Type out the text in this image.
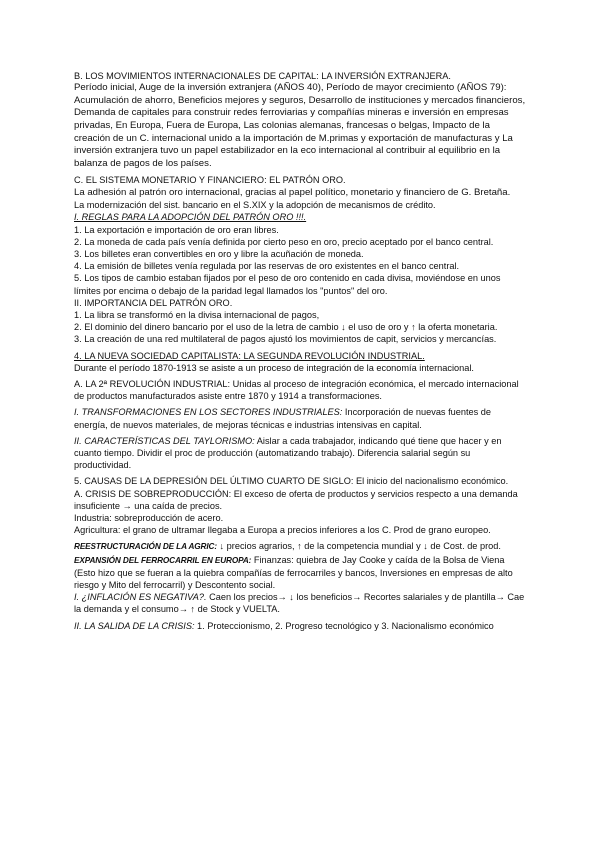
B. LOS MOVIMIENTOS INTERNACIONALES DE CAPITAL: LA INVERSIÓN EXTRANJERA.

Período inicial, Auge de la inversión extranjera (AÑOS 40), Período de mayor crecimiento (AÑOS 79): Acumulación de ahorro, Beneficios mejores y seguros, Desarrollo de instituciones y mercados financieros, Demanda de capitales para construir redes ferroviarias y compañías mineras e inversión en empresas privadas, En Europa, Fuera de Europa, Las colonias alemanas, francesas o belgas, Impacto de la creación de un C. internacional unido a la importación de M.primas y exportación de manufacturas y La inversión extranjera tuvo un papel estabilizador en la eco internacional al contribuir al equilibrio en la balanza de pagos de los países.

C. EL SISTEMA MONETARIO Y FINANCIERO: EL PATRÓN ORO.

La adhesión al patrón oro internacional, gracias al papel político, monetario y financiero de G. Bretaña.

La modernización del sist. bancario en el S.XIX y la adopción de mecanismos de crédito.

I. REGLAS PARA LA ADOPCIÓN DEL PATRÓN ORO !!!.

1. La exportación e importación de oro eran libres.

2. La moneda de cada país venía definida por cierto peso en oro, precio aceptado por el banco central.

3. Los billetes eran convertibles en oro y libre la acuñación de moneda.

4. La emisión de billetes venía regulada por las reservas de oro existentes en el banco central.

5. Los tipos de cambio estaban fijados por el peso de oro contenido en cada divisa, moviéndose en unos límites por encima o debajo de la paridad legal llamados los "puntos" del oro.

II. IMPORTANCIA DEL PATRÓN ORO.

1. La libra se transformó en la divisa internacional de pagos,

2. El dominio del dinero bancario por el uso de la letra de cambio ↓ el uso de oro y ↑ la oferta monetaria.

3. La creación de una red multilateral de pagos ajustó los movimientos de capit, servicios y mercancías.

4. LA NUEVA SOCIEDAD CAPITALISTA: LA SEGUNDA REVOLUCIÓN INDUSTRIAL.

Durante el período 1870-1913 se asiste a un proceso de integración de la economía internacional.

A. LA 2ª REVOLUCIÓN INDUSTRIAL: Unidas al proceso de integración económica, el mercado internacional de productos manufacturados asiste entre 1870 y 1914 a transformaciones.

I. TRANSFORMACIONES EN LOS SECTORES INDUSTRIALES: Incorporación de nuevas fuentes de energía, de nuevos materiales, de mejoras técnicas e industrias intensivas en capital.

II. CARACTERÍSTICAS DEL TAYLORISMO: Aislar a cada trabajador, indicando qué tiene que hacer y en cuanto tiempo. Dividir el proc de producción (automatizando trabajo). Diferencia salarial según su productividad.

5. CAUSAS DE LA DEPRESIÓN DEL ÚLTIMO CUARTO DE SIGLO: El inicio del nacionalismo económico.

A. CRISIS DE SOBREPRODUCCIÓN: El exceso de oferta de productos y servicios respecto a una demanda insuficiente → una caída de precios.

Industria: sobreproducción de acero.

Agricultura: el grano de ultramar llegaba a Europa a precios inferiores a los C. Prod de grano europeo.

REESTRUCTURACIÓN DE LA AGRIC: ↓ precios agrarios, ↑ de la competencia mundial y ↓ de Cost. de prod.

EXPANSIÓN DEL FERROCARRIL EN EUROPA: Finanzas: quiebra de Jay Cooke y caída de la Bolsa de Viena (Esto hizo que se fueran a la quiebra compañías de ferrocarriles y bancos, Inversiones en empresas de alto riesgo y Mito del ferrocarril) y Descontento social.

I. ¿INFLACIÓN ES NEGATIVA?. Caen los precios→ ↓ los beneficios→ Recortes salariales y de plantilla→ Cae la demanda y el consumo→ ↑ de Stock y VUELTA.

II. LA SALIDA DE LA CRISIS: 1. Proteccionismo, 2. Progreso tecnológico y 3. Nacionalismo económico
